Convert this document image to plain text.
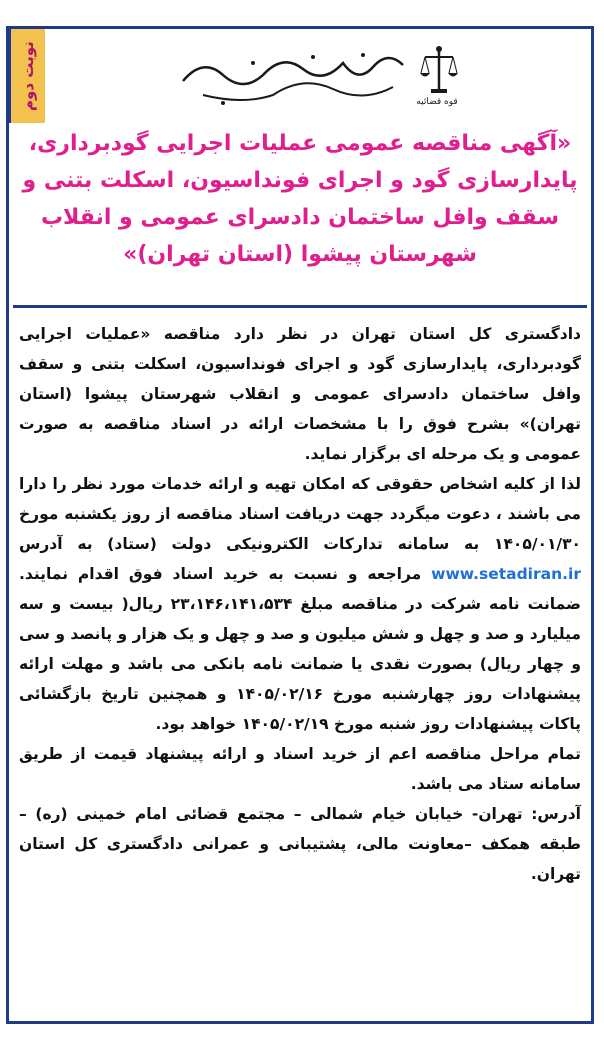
قوه قضائیه
نوبت دوم
«آگهی مناقصه عمومی عملیات اجرایی گودبرداری، پایدارسازی گود و اجرای فونداسیون، اسکلت بتنی و سقف وافل ساختمان دادسرای عمومی و انقلاب شهرستان پیشوا (استان تهران)»

دادگستری کل استان تهران در نظر دارد مناقصه «عملیات اجرایی گودبرداری، پایدارسازی گود و اجرای فونداسیون، اسکلت بتنی و سقف وافل ساختمان دادسرای عمومی و انقلاب شهرستان پیشوا (استان تهران)» بشرح فوق را با مشخصات ارائه در اسناد مناقصه به صورت عمومی و یک مرحله ای برگزار نماید.

لذا از کلیه اشخاص حقوقی که امکان تهیه و ارائه خدمات مورد نظر را دارا می باشند ، دعوت میگردد جهت دریافت اسناد مناقصه از روز یکشنبه مورخ ۱۴۰۵/۰۱/۳۰ به سامانه تدارکات الکترونیکی دولت (ستاد) به آدرس www.setadiran.ir مراجعه و نسبت به خرید اسناد فوق اقدام نمایند. ضمانت نامه شرکت در مناقصه مبلغ ۲۳،۱۴۶،۱۴۱،۵۳۴ ریال( بیست و سه میلیارد و صد و چهل و شش میلیون و صد و چهل و یک هزار و پانصد و سی و چهار ریال) بصورت نقدی یا ضمانت نامه بانکی می باشد و مهلت ارائه پیشنهادات روز چهارشنبه مورخ ۱۴۰۵/۰۲/۱۶ و همچنین تاریخ بازگشائی پاکات پیشنهادات روز شنبه مورخ ۱۴۰۵/۰۲/۱۹ خواهد بود.

تمام مراحل مناقصه اعم از خرید اسناد و ارائه پیشنهاد قیمت از طریق سامانه ستاد می باشد.

آدرس: تهران- خیابان خیام شمالی – مجتمع قضائی امام خمینی (ره) –طبقه همکف –معاونت مالی، پشتیبانی و عمرانی دادگستری کل استان تهران.
